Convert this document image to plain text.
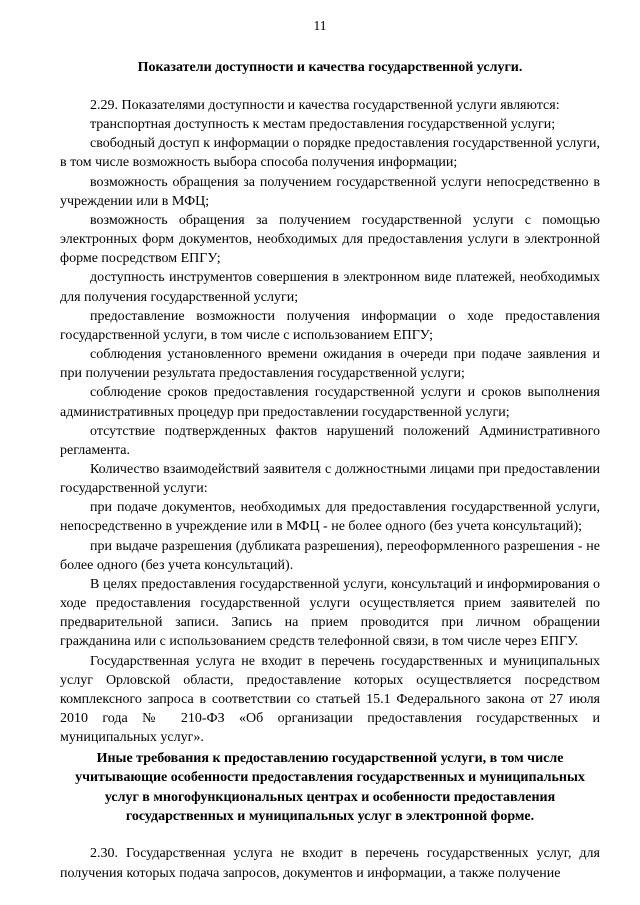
11
Показатели доступности и качества государственной услуги.

2.29. Показателями доступности и качества государственной услуги являются:

транспортная доступность к местам предоставления государственной услуги;

свободный доступ к информации о порядке предоставления государственной услуги, в том числе возможность выбора способа получения информации;

возможность обращения за получением государственной услуги непосредственно в учреждении или в МФЦ;

возможность обращения за получением государственной услуги с помощью электронных форм документов, необходимых для предоставления услуги в электронной форме посредством ЕПГУ;

доступность инструментов совершения в электронном виде платежей, необходимых для получения государственной услуги;

предоставление возможности получения информации о ходе предоставления государственной услуги, в том числе с использованием ЕПГУ;

соблюдения установленного времени ожидания в очереди при подаче заявления и при получении результата предоставления государственной услуги;

соблюдение сроков предоставления государственной услуги и сроков выполнения административных процедур при предоставлении государственной услуги;

отсутствие подтвержденных фактов нарушений положений Административного регламента.

Количество взаимодействий заявителя с должностными лицами при предоставлении государственной услуги:

при подаче документов, необходимых для предоставления государственной услуги, непосредственно в учреждение или в МФЦ - не более одного (без учета консультаций);

при выдаче разрешения (дубликата разрешения), переоформленного разрешения - не более одного (без учета консультаций).

В целях предоставления государственной услуги, консультаций и информирования о ходе предоставления государственной услуги осуществляется прием заявителей по предварительной записи. Запись на прием проводится при личном обращении гражданина или с использованием средств телефонной связи, в том числе через ЕПГУ.

Государственная услуга не входит в перечень государственных и муниципальных услуг Орловской области, предоставление которых осуществляется посредством комплексного запроса в соответствии со статьей 15.1 Федерального закона от 27 июля 2010 года № 210-ФЗ «Об организации предоставления государственных и муниципальных услуг».

Иные требования к предоставлению государственной услуги, в том числе учитывающие особенности предоставления государственных и муниципальных услуг в многофункциональных центрах и особенности предоставления государственных и муниципальных услуг в электронной форме.

2.30. Государственная услуга не входит в перечень государственных услуг, для получения которых подача запросов, документов и информации, а также получение
